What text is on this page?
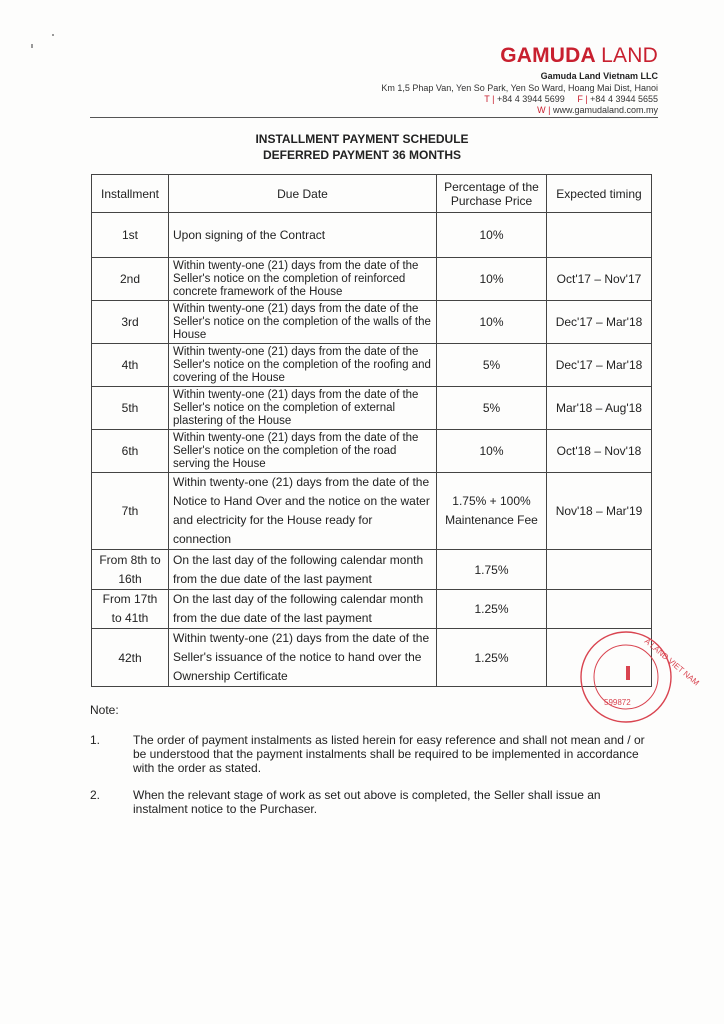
GAMUDA LAND
Gamuda Land Vietnam LLC
Km 1,5 Phap Van, Yen So Park, Yen So Ward, Hoang Mai Dist, Hanoi
T | +84 4 3944 5699 F | +84 4 3944 5655
W | www.gamudaland.com.my
INSTALLMENT PAYMENT SCHEDULE
DEFERRED PAYMENT 36 MONTHS
Installment	Due Date	Percentage of the Purchase Price	Expected timing
1st	Upon signing of the Contract	10%	
2nd	Within twenty-one (21) days from the date of the Seller's notice on the completion of reinforced concrete framework of the House	10%	Oct'17 – Nov'17
3rd	Within twenty-one (21) days from the date of the Seller's notice on the completion of the walls of the House	10%	Dec'17 – Mar'18
4th	Within twenty-one (21) days from the date of the Seller's notice on the completion of the roofing and covering of the House	5%	Dec'17 – Mar'18
5th	Within twenty-one (21) days from the date of the Seller's notice on the completion of external plastering of the House	5%	Mar'18 – Aug'18
6th	Within twenty-one (21) days from the date of the Seller's notice on the completion of the road serving the House	10%	Oct'18 – Nov'18
7th	Within twenty-one (21) days from the date of the Notice to Hand Over and the notice on the water and electricity for the House ready for connection	1.75% + 100% Maintenance Fee	Nov'18 – Mar'19
From 8th to 16th	On the last day of the following calendar month from the due date of the last payment	1.75%	
From 17th to 41th	On the last day of the following calendar month from the due date of the last payment	1.25%	
42th	Within twenty-one (21) days from the date of the Seller's issuance of the notice to hand over the Ownership Certificate	1.25%		A LAND VIET NAM
599872
Note:
1.	The order of payment instalments as listed herein for easy reference and shall not mean and / or be understood that the payment instalments shall be required to be implemented in accordance with the order as stated.
2.	When the relevant stage of work as set out above is completed, the Seller shall issue an instalment notice to the Purchaser.
